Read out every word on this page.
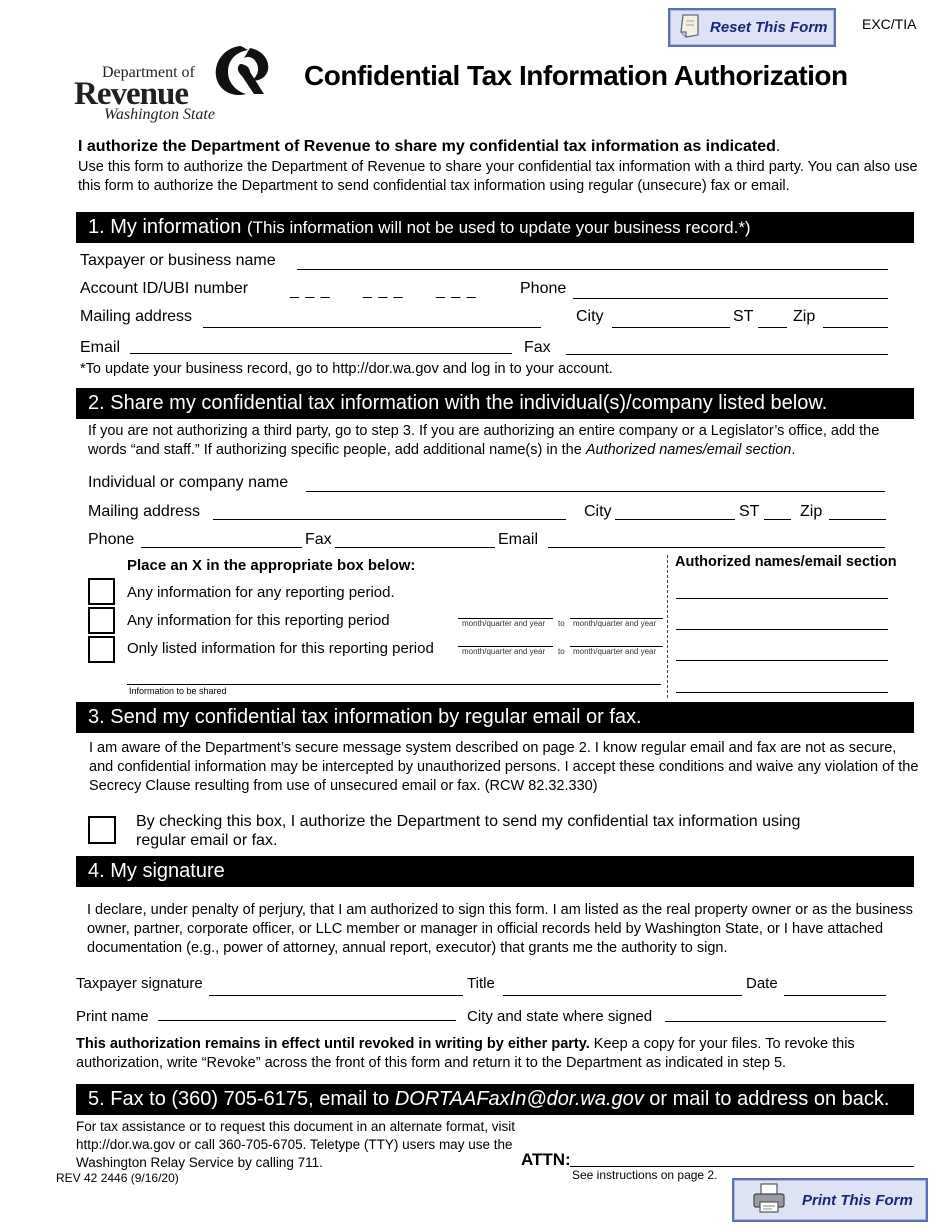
Reset This Form EXC/TIA
Department of
Revenue
Washington State
Confidential Tax Information Authorization
I authorize the Department of Revenue to share my confidential tax information as indicated.
Use this form to authorize the Department of Revenue to share your confidential tax information with a third party. You can also use this form to authorize the Department to send confidential tax information using regular (unsecure) fax or email.
1. My information (This information will not be used to update your business record.*)
Taxpayer or business name
Account ID/UBI number	_ _ _ _ _ _ _ _ _	Phone
Mailing address	City	ST Zip
Email	Fax
*To update your business record, go to http://dor.wa.gov and log in to your account.
2. Share my confidential tax information with the individual(s)/company listed below.
If you are not authorizing a third party, go to step 3. If you are authorizing an entire company or a Legislator’s office, add the words “and staff.” If authorizing specific people, add additional name(s) in the Authorized names/email section.
Individual or company name
Mailing address	City	ST	Zip
Phone	Fax	Email
Place an X in the appropriate box below:
Any information for any reporting period.
Any information for this reporting period	month/quarter and year to month/quarter and year
Only listed information for this reporting period	month/quarter and year to month/quarter and year
Information to be shared
Authorized names/email section
3. Send my confidential tax information by regular email or fax.
I am aware of the Department’s secure message system described on page 2. I know regular email and fax are not as secure, and confidential information may be intercepted by unauthorized persons. I accept these conditions and waive any violation of the Secrecy Clause resulting from use of unsecured email or fax. (RCW 82.32.330)
By checking this box, I authorize the Department to send my confidential tax information using regular email or fax.
4. My signature
I declare, under penalty of perjury, that I am authorized to sign this form. I am listed as the real property owner or as the business owner, partner, corporate officer, or LLC member or manager in official records held by Washington State, or I have attached documentation (e.g., power of attorney, annual report, executor) that grants me the authority to sign.
Taxpayer signature	Title	Date
Print name	City and state where signed
This authorization remains in effect until revoked in writing by either party. Keep a copy for your files. To revoke this authorization, write “Revoke” across the front of this form and return it to the Department as indicated in step 5.
5. Fax to (360) 705-6175, email to DORTAAFaxIn@dor.wa.gov or mail to address on back.
For tax assistance or to request this document in an alternate format, visit http://dor.wa.gov or call 360-705-6705. Teletype (TTY) users may use the Washington Relay Service by calling 711.	ATTN:
See instructions on page 2.
REV 42 2446 (9/16/20)
Print This Form
